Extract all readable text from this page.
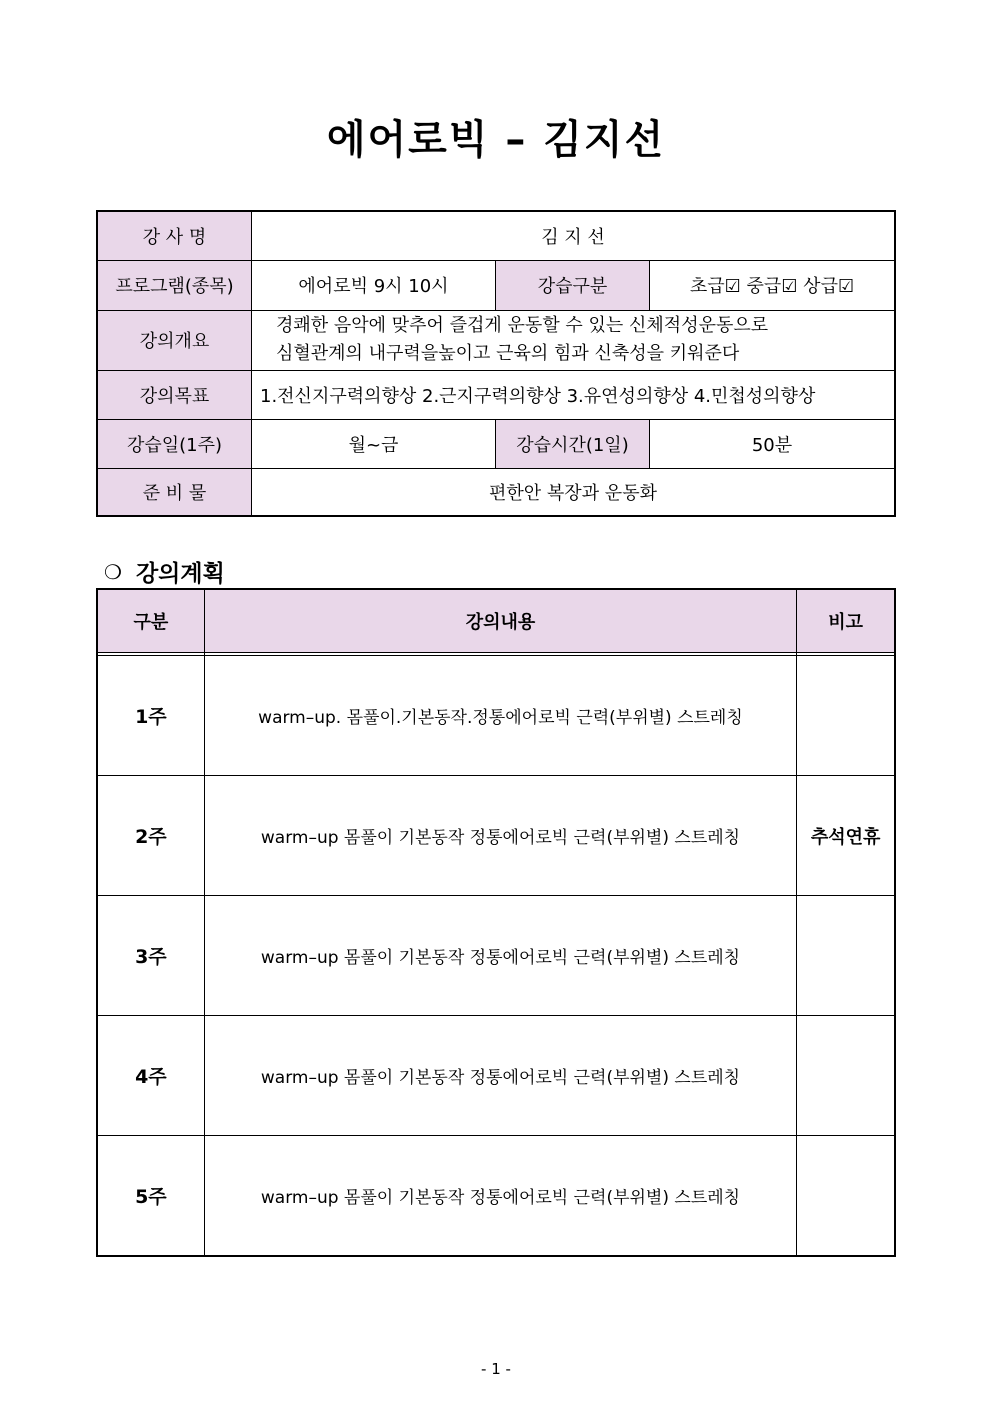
에어로빅 – 김지선
강 사 명	김 지 선		
프로그램(종목)	에어로빅 9시 10시	강습구분	초급☑ 중급☑ 상급☑
강의개요	경쾌한 음악에 맞추어 즐겁게 운동할 수 있는 신체적성운동으로
심혈관계의 내구력을높이고 근육의 힘과 신축성을 키워준다		

강의목표	1.전신지구력의향상 2.근지구력의향상 3.유연성의향상 4.민첩성의향상		
강습일(1주)	월~금	강습시간(1일)	50분
준 비 물	편한안 복장과 운동화		
❍ 강의계획
구분	강의내용	비고

1주	warm–up. 몸풀이.기본동작.정통에어로빅 근력(부위별) 스트레칭	
2주	warm–up 몸풀이 기본동작 정통에어로빅 근력(부위별) 스트레칭	추석연휴
3주	warm–up 몸풀이 기본동작 정통에어로빅 근력(부위별) 스트레칭	
4주	warm–up 몸풀이 기본동작 정통에어로빅 근력(부위별) 스트레칭	
5주	warm–up 몸풀이 기본동작 정통에어로빅 근력(부위별) 스트레칭	
- 1 -
